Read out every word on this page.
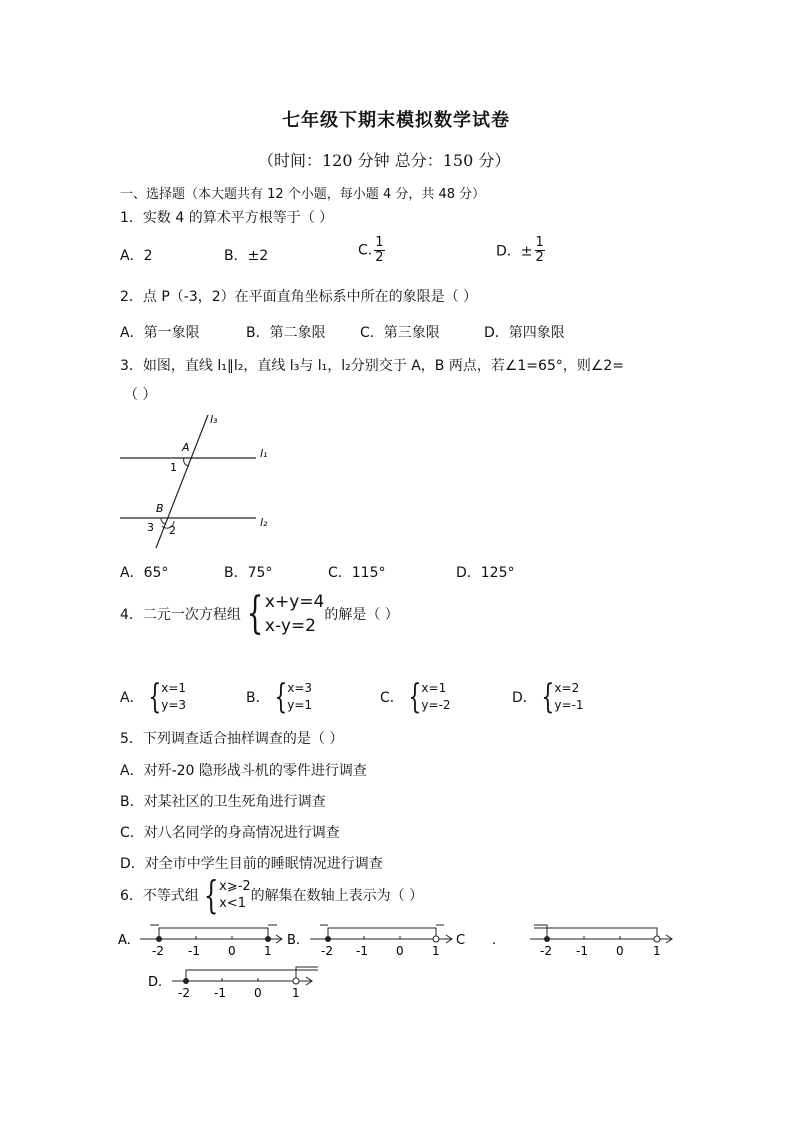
七年级下期末模拟数学试卷
（时间：120 分钟 总分：150 分）
一、选择题（本大题共有 12 个小题，每小题 4 分，共 48 分）
1．实数 4 的算术平方根等于（ ）
A．2	B．±2	C. $\frac{1}{2}$	D．± $\frac{1}{2}$
2．点 P（-3，2）在平面直角坐标系中所在的象限是（ ）
A．第一象限	B．第二象限 C．第三象限	D．第四象限
3．如图，直线 l₁∥l₂，直线 l₃与 l₁，l₂分别交于 A，B 两点，若∠1=65°，则∠2=
（ ）
l₃
l₁
l₂
A
B
1
2
3
A．65°	B．75°	C．115°	D．125°
4．二元一次方程组 { x+y=4
x-y=2
的解是（ ）
A． { x=1
y=3	B． { x=3
y=1	C． { x=1
y=-2	D． { x=2
y=-1
5．下列调查适合抽样调查的是（ ）
A．对歼-20 隐形战斗机的零件进行调查
B．对某社区的卫生死角进行调查
C．对八名同学的身高情况进行调查
D．对全市中学生目前的睡眠情况进行调查
6．不等式组 { x⩾-2
x<1 的解集在数轴上表示为（ ）
A.	B.	C .
D.
-2 -1 0 1	-2 -1 0 1	-2 -1 0 1
-2 -1 0	1
